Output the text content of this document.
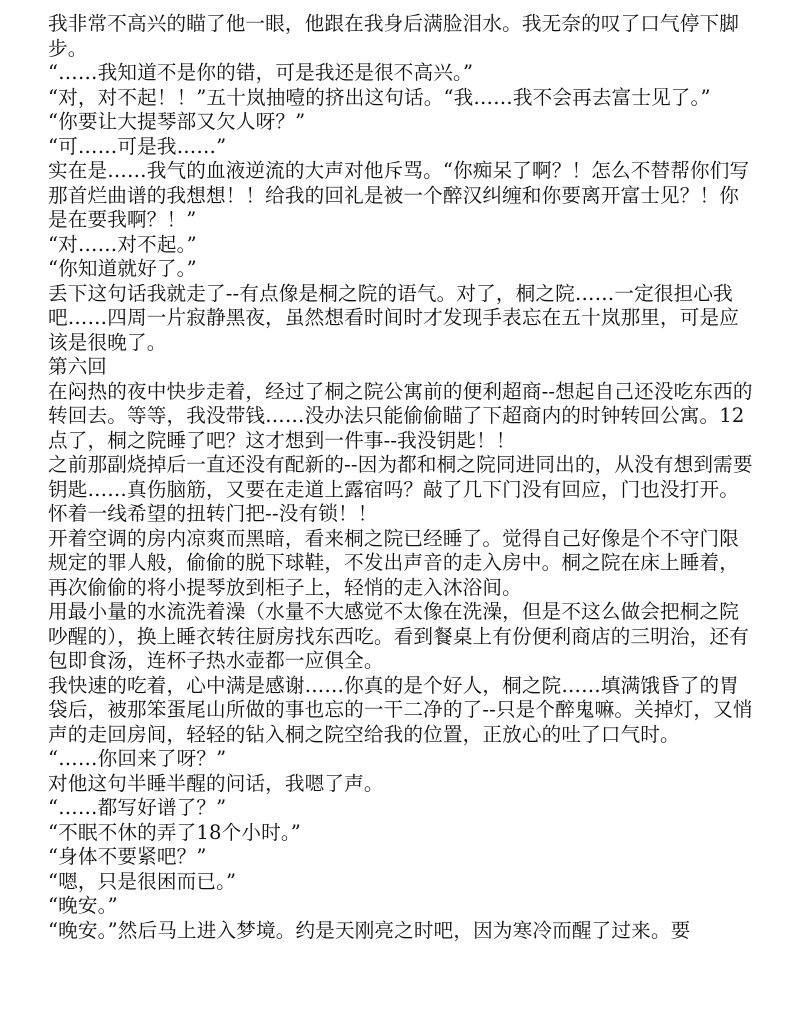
我非常不高兴的瞄了他一眼，他跟在我身后满脸泪水。我无奈的叹了口气停下脚步。

“……我知道不是你的错，可是我还是很不高兴。”

“对，对不起！！”五十岚抽噎的挤出这句话。“我……我不会再去富士见了。”

“你要让大提琴部又欠人呀？”

“可……可是我……”

实在是……我气的血液逆流的大声对他斥骂。“你痴呆了啊？！怎么不替帮你们写那首烂曲谱的我想想！！给我的回礼是被一个醉汉纠缠和你要离开富士见？！你是在要我啊？！”

“对……对不起。”

“你知道就好了。”

丢下这句话我就走了--有点像是桐之院的语气。对了，桐之院……一定很担心我吧……四周一片寂静黑夜，虽然想看时间时才发现手表忘在五十岚那里，可是应该是很晚了。

第六回

在闷热的夜中快步走着，经过了桐之院公寓前的便利超商--想起自己还没吃东西的转回去。等等，我没带钱……没办法只能偷偷瞄了下超商内的时钟转回公寓。12点了，桐之院睡了吧？这才想到一件事--我没钥匙！！

之前那副烧掉后一直还没有配新的--因为都和桐之院同进同出的，从没有想到需要钥匙……真伤脑筋，又要在走道上露宿吗？敲了几下门没有回应，门也没打开。怀着一线希望的扭转门把--没有锁！！

开着空调的房内凉爽而黑暗，看来桐之院已经睡了。觉得自己好像是个不守门限规定的罪人般，偷偷的脱下球鞋，不发出声音的走入房中。桐之院在床上睡着，再次偷偷的将小提琴放到柜子上，轻悄的走入沐浴间。

用最小量的水流洗着澡（水量不大感觉不太像在洗澡，但是不这么做会把桐之院吵醒的），换上睡衣转往厨房找东西吃。看到餐桌上有份便利商店的三明治，还有包即食汤，连杯子热水壶都一应俱全。

我快速的吃着，心中满是感谢……你真的是个好人，桐之院……填满饿昏了的胃袋后，被那笨蛋尾山所做的事也忘的一干二净的了--只是个醉鬼嘛。关掉灯，又悄声的走回房间，轻轻的钻入桐之院空给我的位置，正放心的吐了口气时。

“……你回来了呀？”

对他这句半睡半醒的问话，我嗯了声。

“……都写好谱了？”

“不眠不休的弄了18个小时。”

“身体不要紧吧？”

“嗯，只是很困而已。”

“晚安。”

“晚安。”然后马上进入梦境。约是天刚亮之时吧，因为寒冷而醒了过来。要
